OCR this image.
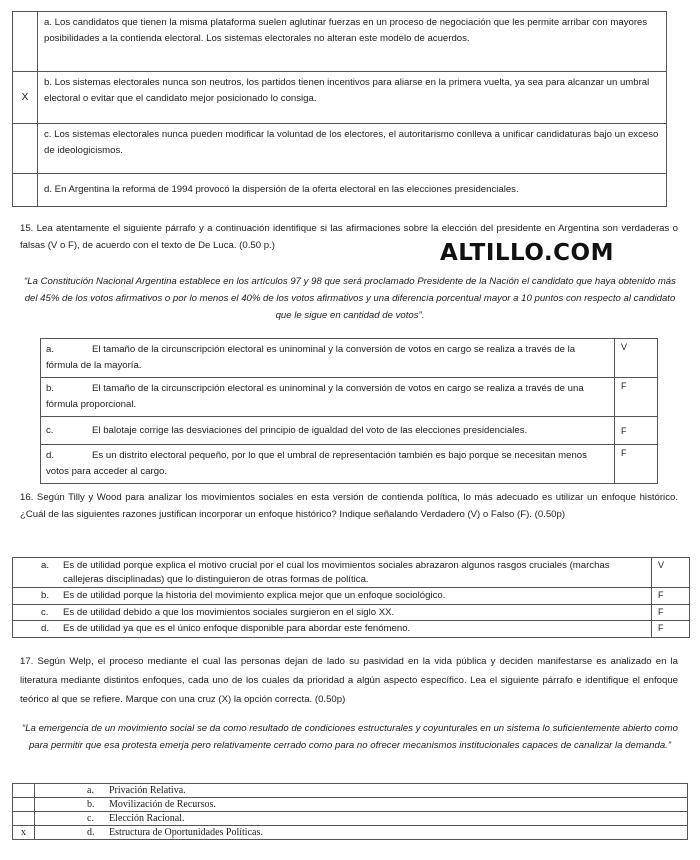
	a. Los candidatos que tienen la misma plataforma suelen aglutinar fuerzas en un proceso de negociación que les permite arribar con mayores posibilidades a la contienda electoral. Los sistemas electorales no alteran este modelo de acuerdos.
X	b. Los sistemas electorales nunca son neutros, los partidos tienen incentivos para aliarse en la primera vuelta, ya sea para alcanzar un umbral electoral o evitar que el candidato mejor posicionado lo consiga.
	c. Los sistemas electorales nunca pueden modificar la voluntad de los electores, el autoritarismo conlleva a unificar candidaturas bajo un exceso de ideologicismos.
	d. En Argentina la reforma de 1994 provocó la dispersión de la oferta electoral en las elecciones presidenciales.
15. Lea atentamente el siguiente párrafo y a continuación identifique si las afirmaciones sobre la elección del presidente en Argentina son verdaderas o falsas (V o F), de acuerdo con el texto de De Luca. (0.50 p.)	ALTILLO.COM
“La Constitución Nacional Argentina establece en los artículos 97 y 98 que será proclamado Presidente de la Nación el candidato que haya obtenido más del 45% de los votos afirmativos o por lo menos el 40% de los votos afirmativos y una diferencia porcentual mayor a 10 puntos con respecto al candidato que le sigue en cantidad de votos”.
a. El tamaño de la circunscripción electoral es uninominal y la conversión de votos en cargo se realiza a través de la fórmula de la mayoría.	V
b. El tamaño de la circunscripción electoral es uninominal y la conversión de votos en cargo se realiza a través de una fórmula proporcional.	F
c. El balotaje corrige las desviaciones del principio de igualdad del voto de las elecciones presidenciales.	F
d. Es un distrito electoral pequeño, por lo que el umbral de representación también es bajo porque se necesitan menos votos para acceder al cargo.	F
16. Según Tilly y Wood para analizar los movimientos sociales en esta versión de contienda política, lo más adecuado es utilizar un enfoque histórico. ¿Cuál de las siguientes razones justifican incorporar un enfoque histórico? Indique señalando Verdadero (V) o Falso (F). (0.50p)
a. Es de utilidad porque explica el motivo crucial por el cual los movimientos sociales abrazaron algunos rasgos cruciales (marchas callejeras disciplinadas) que lo distinguieron de otras formas de política.	V

b. Es de utilidad porque la historia del movimiento explica mejor que un enfoque sociológico.	F

c. Es de utilidad debido a que los movimientos sociales surgieron en el siglo XX.	F

d. Es de utilidad ya que es el único enfoque disponible para abordar este fenómeno.	F
17. Según Welp, el proceso mediante el cual las personas dejan de lado su pasividad en la vida pública y deciden manifestarse es analizado en la literatura mediante distintos enfoques, cada uno de los cuales da prioridad a algún aspecto específico. Lea el siguiente párrafo e identifique el enfoque teórico al que se refiere. Marque con una cruz (X) la opción correcta. (0.50p)
“La emergencia de un movimiento social se da como resultado de condiciones estructurales y coyunturales en un sistema lo suficientemente abierto como para permitir que esa protesta emerja pero relativamente cerrado como para no ofrecer mecanismos institucionales capaces de canalizar la demanda.”
	a. Privación Relativa.
	b. Movilización de Recursos.
	c. Elección Racional.
x	d. Estructura de Oportunidades Políticas.
